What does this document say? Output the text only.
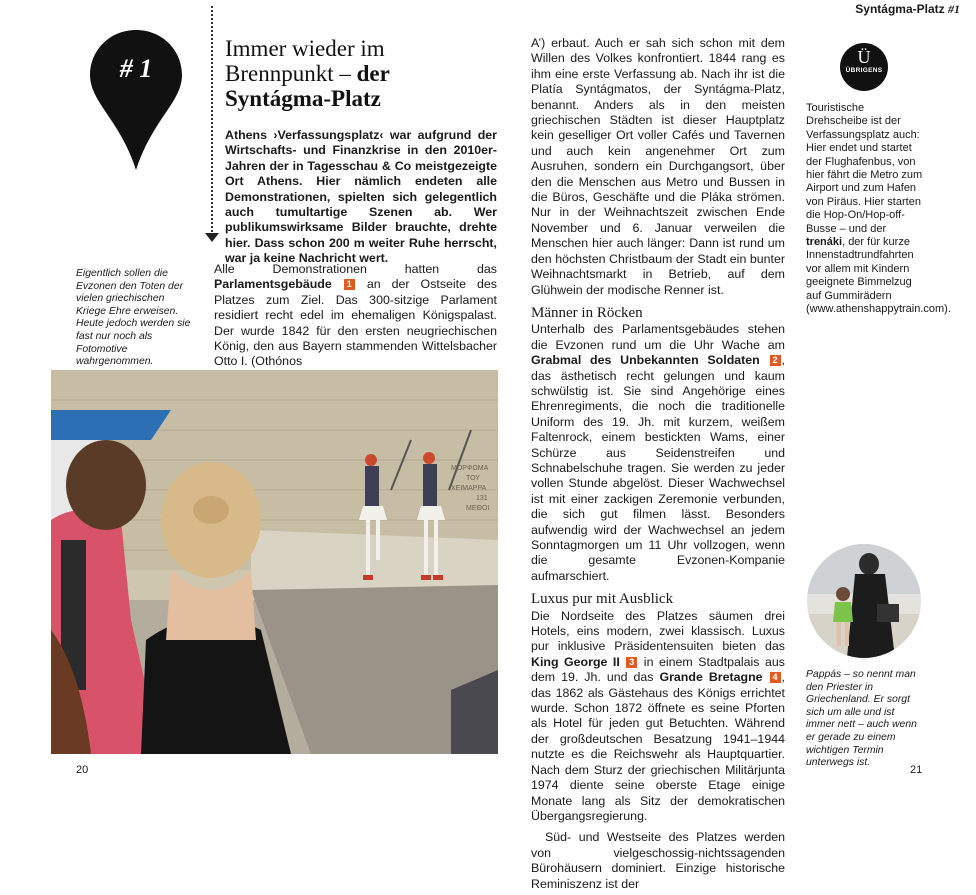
Syntágma-Platz #1
# 1
Immer wieder im
Brennpunkt – der
Syntágma-Platz
Athens ›Verfassungsplatz‹ war aufgrund der Wirtschafts- und Finanzkrise in den 2010er-Jahren der in Tagesschau & Co meistgezeigte Ort Athens. Hier nämlich endeten alle Demonstrationen, spielten sich gelegentlich auch tumultartige Szenen ab. Wer publikumswirksame Bilder brauchte, drehte hier. Dass schon 200 m weiter Ruhe herrscht, war ja keine Nachricht wert.
Eigentlich sollen die Evzonen den Toten der vielen griechischen Kriege Ehre erweisen. Heute jedoch werden sie fast nur noch als Fotomotive wahrgenommen.
Alle Demonstrationen hatten das Parlamentsgebäude 1 an der Ostseite des Platzes zum Ziel. Das 300-sitzige Parlament residiert recht edel im ehemaligen Königspalast. Der wurde 1842 für den ersten neugriechischen König, den aus Bayern stammenden Wittelsbacher Otto I. (Othónos
ΜΟΡΦΩΜΑ
ΤΟΥ
ΧΕΙΜΑΡΡΑ
131
ΜΕΘΟΙ

A’) erbaut. Auch er sah sich schon mit dem Willen des Volkes konfrontiert. 1844 rang es ihm eine erste Verfassung ab. Nach ihr ist die Platía Syntágmatos, der Syntágma-Platz, benannt. Anders als in den meisten griechischen Städten ist dieser Hauptplatz kein geselliger Ort voller Cafés und Tavernen und auch kein angenehmer Ort zum Ausruhen, sondern ein Durchgangsort, über den die Menschen aus Metro und Bussen in die Büros, Geschäfte und die Pláka strömen. Nur in der Weihnachtszeit zwischen Ende November und 6. Januar verweilen die Menschen hier auch länger: Dann ist rund um den höchsten Christbaum der Stadt ein bunter Weihnachtsmarkt in Betrieb, auf dem Glühwein der modische Renner ist.

Männer in Röcken

Unterhalb des Parlamentsgebäudes stehen die Evzonen rund um die Uhr Wache am Grabmal des Unbekannten Soldaten 2 , das ästhetisch recht gelungen und kaum schwülstig ist. Sie sind Angehörige eines Ehrenregiments, die noch die traditionelle Uniform des 19. Jh. mit kurzem, weißem Faltenrock, einem bestickten Wams, einer Schürze aus Seidenstreifen und Schnabelschuhe tragen. Sie werden zu jeder vollen Stunde abgelöst. Dieser Wachwechsel ist mit einer zackigen Zeremonie verbunden, die sich gut filmen lässt. Besonders aufwendig wird der Wachwechsel an jedem Sonntagmorgen um 11 Uhr vollzogen, wenn die gesamte Evzonen-Kompanie aufmarschiert.

Luxus pur mit Ausblick

Die Nordseite des Platzes säumen drei Hotels, eins modern, zwei klassisch. Luxus pur inklusive Präsidentensuiten bieten das King George II 3 in einem Stadtpalais aus dem 19. Jh. und das Grande Bretagne 4 , das 1862 als Gästehaus des Königs errichtet wurde. Schon 1872 öffnete es seine Pforten als Hotel für jeden gut Betuchten. Während der großdeutschen Besatzung 1941–1944 nutzte es die Reichswehr als Hauptquartier. Nach dem Sturz der griechischen Militärjunta 1974 diente seine oberste Etage einige Monate lang als Sitz der demokratischen Übergangsregierung.

Süd- und Westseite des Platzes werden von vielgeschossig-nichtssagenden Bürohäusern dominiert. Einzige historische Reminiszenz ist der

Ü
ÜBRIGENS
Touristische Drehscheibe ist der Verfassungsplatz auch: Hier endet und startet der Flughafenbus, von hier fährt die Metro zum Airport und zum Hafen von Piräus. Hier starten die Hop-On/Hop-off-Busse – und der trenáki, der für kurze Innenstadtrundfahrten vor allem mit Kindern geeignete Bimmelzug auf Gummirädern (www.athenshappytrain.com).
Pappás – so nennt man den Priester in Griechenland. Er sorgt sich um alle und ist immer nett – auch wenn er gerade zu einem wichtigen Termin unterwegs ist.
20	21
